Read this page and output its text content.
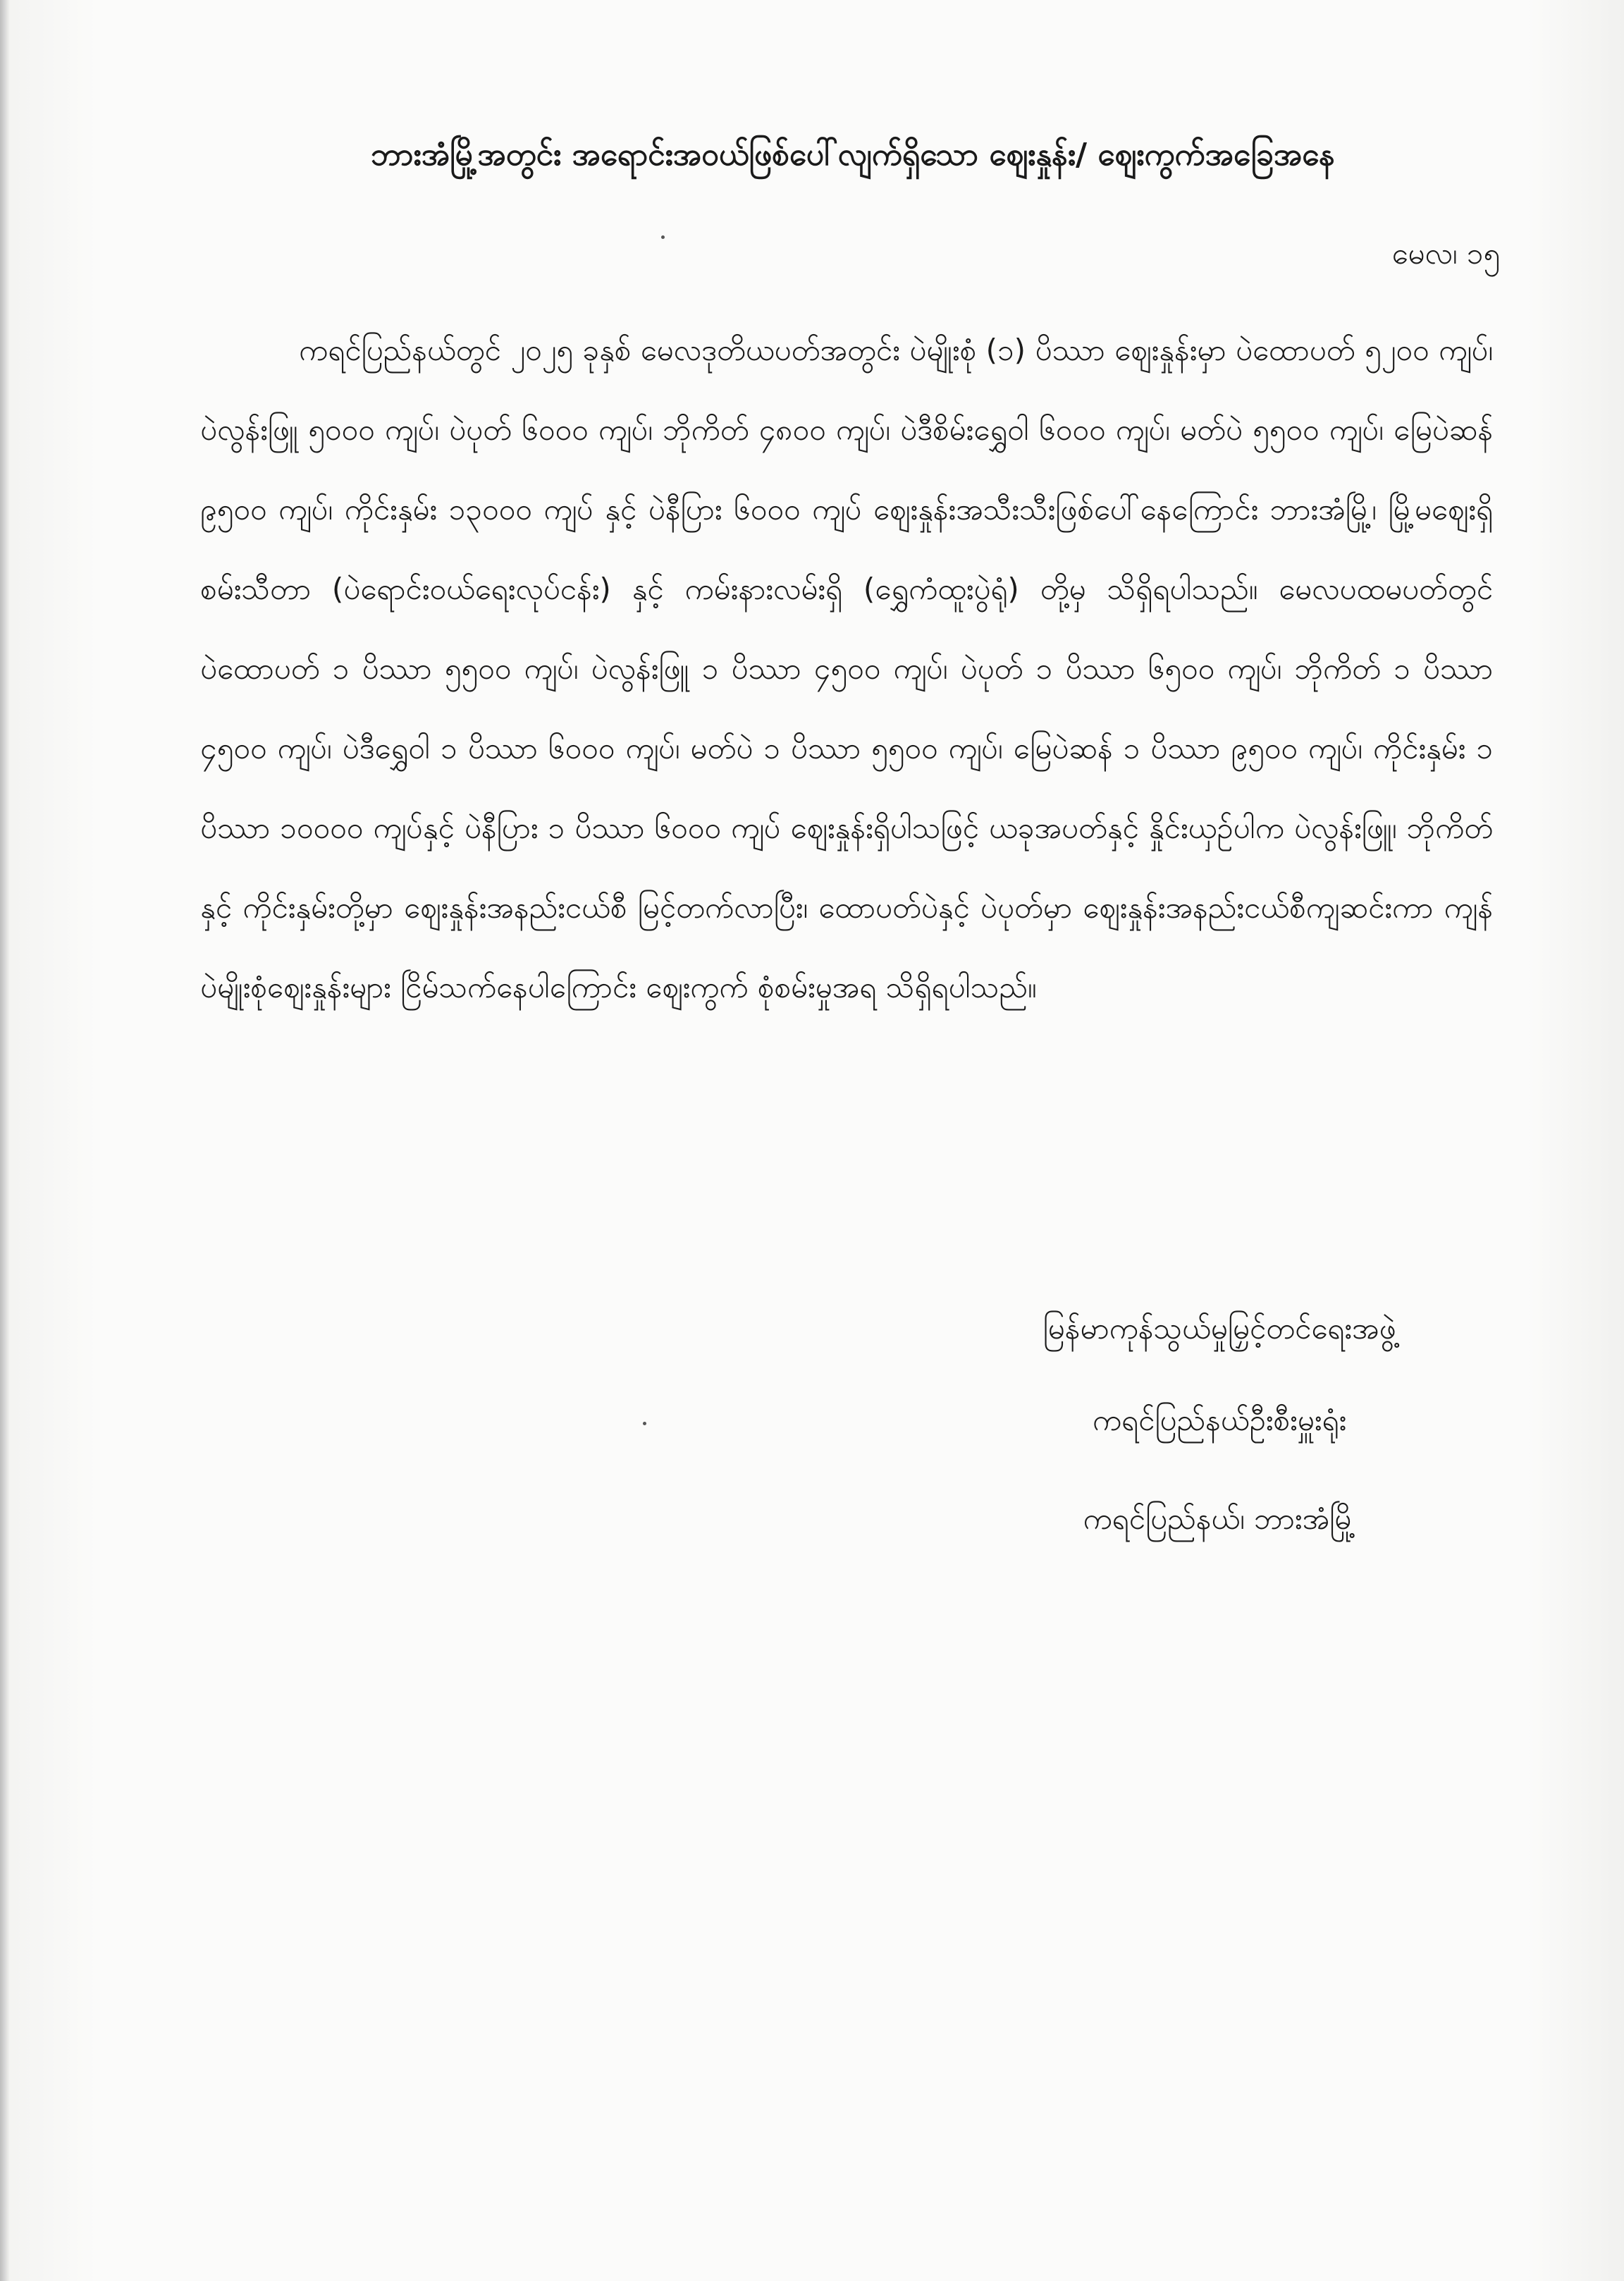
ဘားအံမြို့အတွင်း အရောင်းအဝယ်ဖြစ်ပေါ်လျက်ရှိသော ဈေးနှုန်း/ ဈေးကွက်အခြေအနေ
မေလ၊ ၁၅
ကရင်ပြည်နယ်တွင် ၂၀၂၅ ခုနှစ် မေလဒုတိယပတ်အတွင်း ပဲမျိုးစုံ (၁) ပိဿာ ဈေးနှုန်းမှာ ပဲထောပတ် ၅၂၀၀ ကျပ်၊ ပဲလွန်းဖြူ ၅၀၀၀ ကျပ်၊ ပဲပုတ် ၆၀၀၀ ကျပ်၊ ဘိုကိတ် ၄၈၀၀ ကျပ်၊ ပဲဒီစိမ်းရွှေဝါ ၆၀၀၀ ကျပ်၊ မတ်ပဲ ၅၅၀၀ ကျပ်၊ မြေပဲဆန် ၉၅၀၀ ကျပ်၊ ကိုင်းနှမ်း ၁၃၀၀၀ ကျပ် နှင့် ပဲနီပြား ၆၀၀၀ ကျပ် ဈေးနှုန်းအသီးသီးဖြစ်ပေါ်နေကြောင်း ဘားအံမြို့၊ မြို့မဈေးရှိ စမ်းသီတာ (ပဲရောင်းဝယ်ရေးလုပ်ငန်း) နှင့် ကမ်းနားလမ်းရှိ (ရွှေကံထူးပွဲရုံ) တို့မှ သိရှိရပါသည်။ မေလပထမပတ်တွင် ပဲထောပတ် ၁ ပိဿာ ၅၅၀၀ ကျပ်၊ ပဲလွန်းဖြူ ၁ ပိဿာ ၄၅၀၀ ကျပ်၊ ပဲပုတ် ၁ ပိဿာ ၆၅၀၀ ကျပ်၊ ဘိုကိတ် ၁ ပိဿာ ၄၅၀၀ ကျပ်၊ ပဲဒီရွှေဝါ ၁ ပိဿာ ၆၀၀၀ ကျပ်၊ မတ်ပဲ ၁ ပိဿာ ၅၅၀၀ ကျပ်၊ မြေပဲဆန် ၁ ပိဿာ ၉၅၀၀ ကျပ်၊ ကိုင်းနှမ်း ၁ ပိဿာ ၁၀၀၀၀ ကျပ်နှင့် ပဲနီပြား ၁ ပိဿာ ၆၀၀၀ ကျပ် ဈေးနှုန်းရှိပါသဖြင့် ယခုအပတ်နှင့် နှိုင်းယှဉ်ပါက ပဲလွန်းဖြူ၊ ဘိုကိတ်နှင့် ကိုင်းနှမ်းတို့မှာ ဈေးနှုန်းအနည်းငယ်စီ မြင့်တက်လာပြီး၊ ထောပတ်ပဲနှင့် ပဲပုတ်မှာ ဈေးနှုန်းအနည်းငယ်စီကျဆင်းကာ ကျန်ပဲမျိုးစုံဈေးနှုန်းများ ငြိမ်သက်နေပါကြောင်း ဈေးကွက် စုံစမ်းမှုအရ သိရှိရပါသည်။
မြန်မာကုန်သွယ်မှုမြှင့်တင်ရေးအဖွဲ့
ကရင်ပြည်နယ်ဦးစီးမှူးရုံး
ကရင်ပြည်နယ်၊ ဘားအံမြို့
